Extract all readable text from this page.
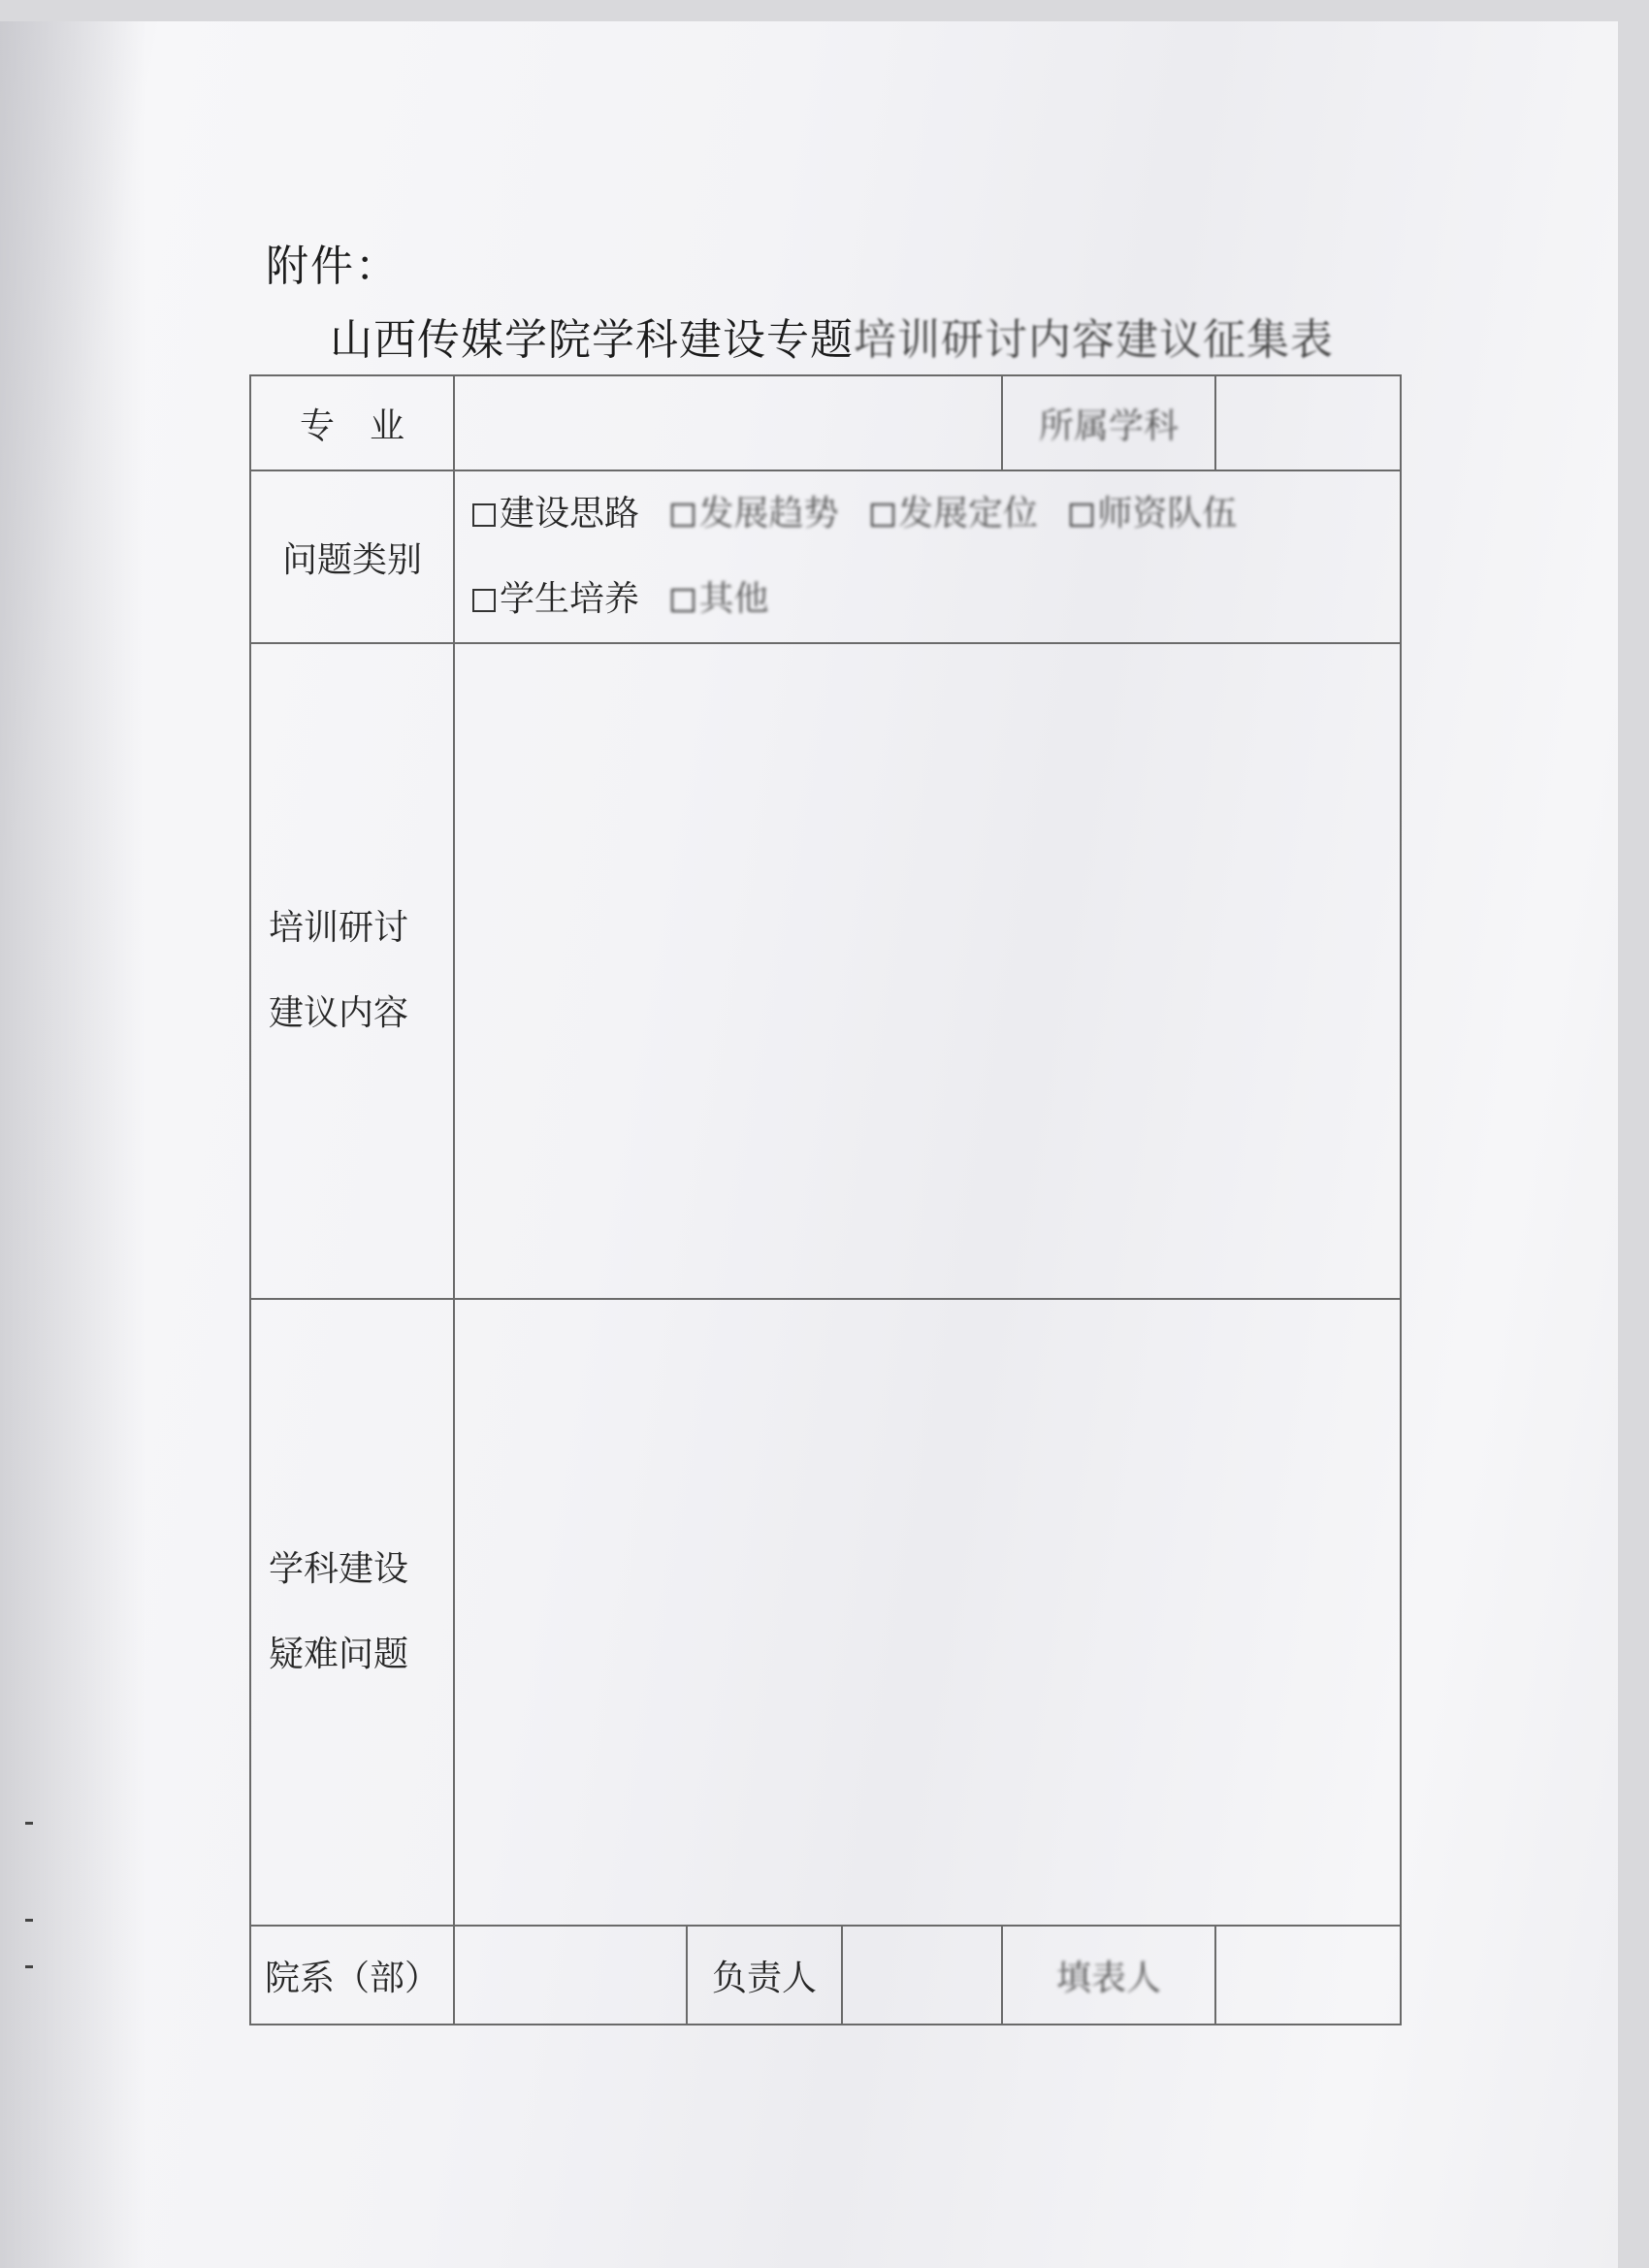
附件：
山西传媒学院学科建设专题培训研讨内容建议征集表
专　业				所属学科	
问题类别	建设思路 发展趋势 发展定位 师资队伍
学生培养 其他				

培训研讨
建议内容					

学科建设
疑难问题					

院系（部）		负责人		填表人	
